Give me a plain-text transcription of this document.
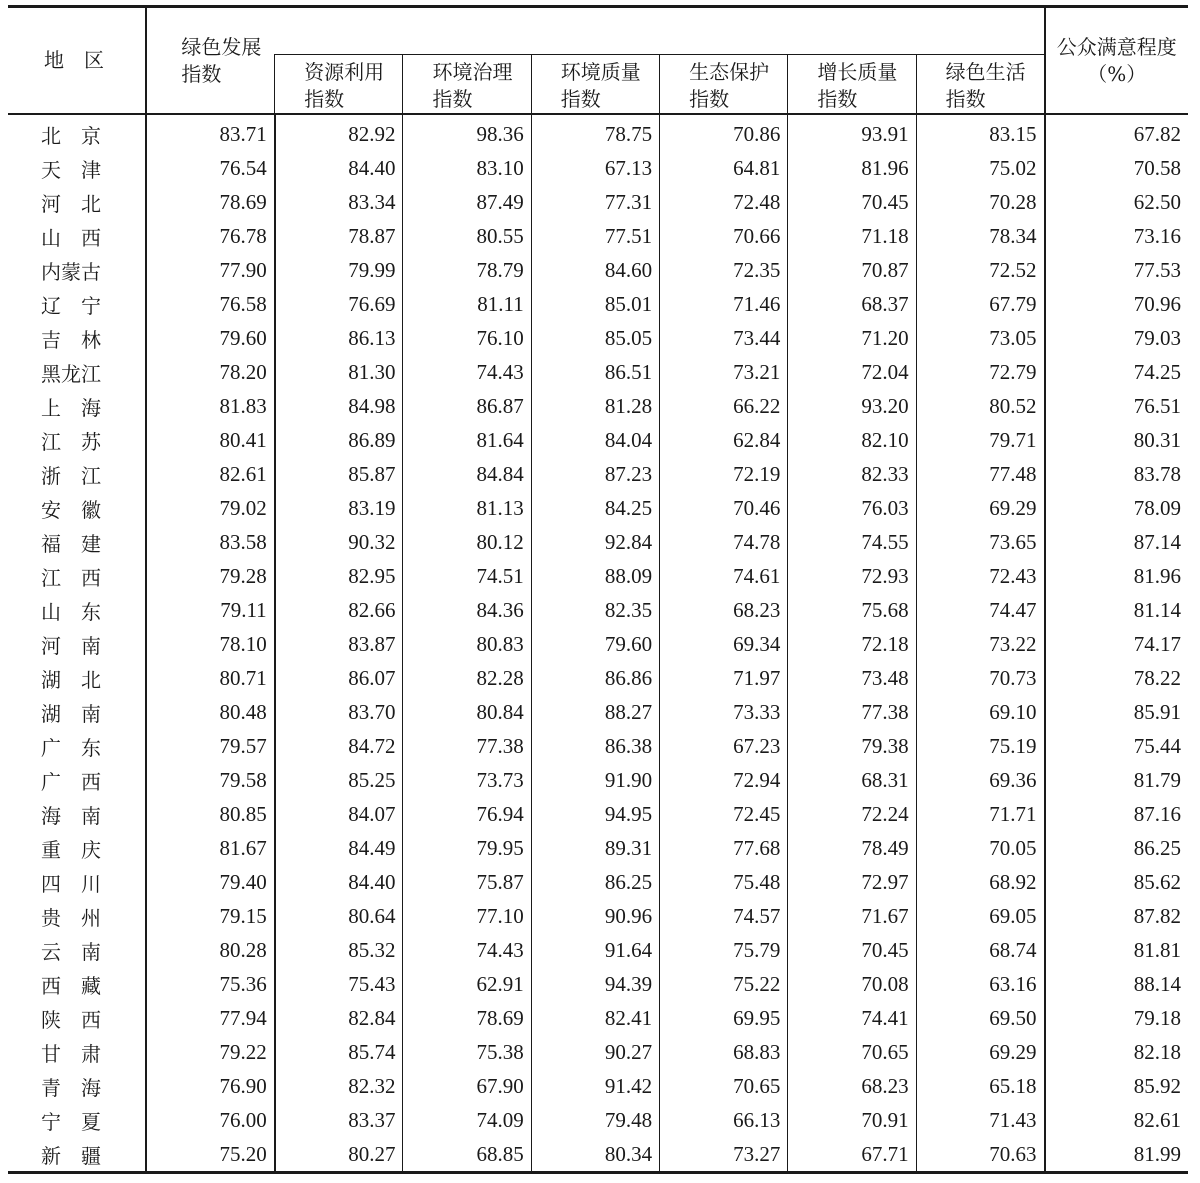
地　区	绿色发展指数							公众满意程度（%）
		资源利用指数	环境治理指数	环境质量指数	生态保护指数	增长质量指数	绿色生活指数	
北　京	83.71	82.92	98.36	78.75	70.86	93.91	83.15	67.82
天　津	76.54	84.40	83.10	67.13	64.81	81.96	75.02	70.58
河　北	78.69	83.34	87.49	77.31	72.48	70.45	70.28	62.50
山　西	76.78	78.87	80.55	77.51	70.66	71.18	78.34	73.16
内蒙古	77.90	79.99	78.79	84.60	72.35	70.87	72.52	77.53
辽　宁	76.58	76.69	81.11	85.01	71.46	68.37	67.79	70.96
吉　林	79.60	86.13	76.10	85.05	73.44	71.20	73.05	79.03
黑龙江	78.20	81.30	74.43	86.51	73.21	72.04	72.79	74.25
上　海	81.83	84.98	86.87	81.28	66.22	93.20	80.52	76.51
江　苏	80.41	86.89	81.64	84.04	62.84	82.10	79.71	80.31
浙　江	82.61	85.87	84.84	87.23	72.19	82.33	77.48	83.78
安　徽	79.02	83.19	81.13	84.25	70.46	76.03	69.29	78.09
福　建	83.58	90.32	80.12	92.84	74.78	74.55	73.65	87.14
江　西	79.28	82.95	74.51	88.09	74.61	72.93	72.43	81.96
山　东	79.11	82.66	84.36	82.35	68.23	75.68	74.47	81.14
河　南	78.10	83.87	80.83	79.60	69.34	72.18	73.22	74.17
湖　北	80.71	86.07	82.28	86.86	71.97	73.48	70.73	78.22
湖　南	80.48	83.70	80.84	88.27	73.33	77.38	69.10	85.91
广　东	79.57	84.72	77.38	86.38	67.23	79.38	75.19	75.44
广　西	79.58	85.25	73.73	91.90	72.94	68.31	69.36	81.79
海　南	80.85	84.07	76.94	94.95	72.45	72.24	71.71	87.16
重　庆	81.67	84.49	79.95	89.31	77.68	78.49	70.05	86.25
四　川	79.40	84.40	75.87	86.25	75.48	72.97	68.92	85.62
贵　州	79.15	80.64	77.10	90.96	74.57	71.67	69.05	87.82
云　南	80.28	85.32	74.43	91.64	75.79	70.45	68.74	81.81
西　藏	75.36	75.43	62.91	94.39	75.22	70.08	63.16	88.14
陕　西	77.94	82.84	78.69	82.41	69.95	74.41	69.50	79.18
甘　肃	79.22	85.74	75.38	90.27	68.83	70.65	69.29	82.18
青　海	76.90	82.32	67.90	91.42	70.65	68.23	65.18	85.92
宁　夏	76.00	83.37	74.09	79.48	66.13	70.91	71.43	82.61
新　疆	75.20	80.27	68.85	80.34	73.27	67.71	70.63	81.99
